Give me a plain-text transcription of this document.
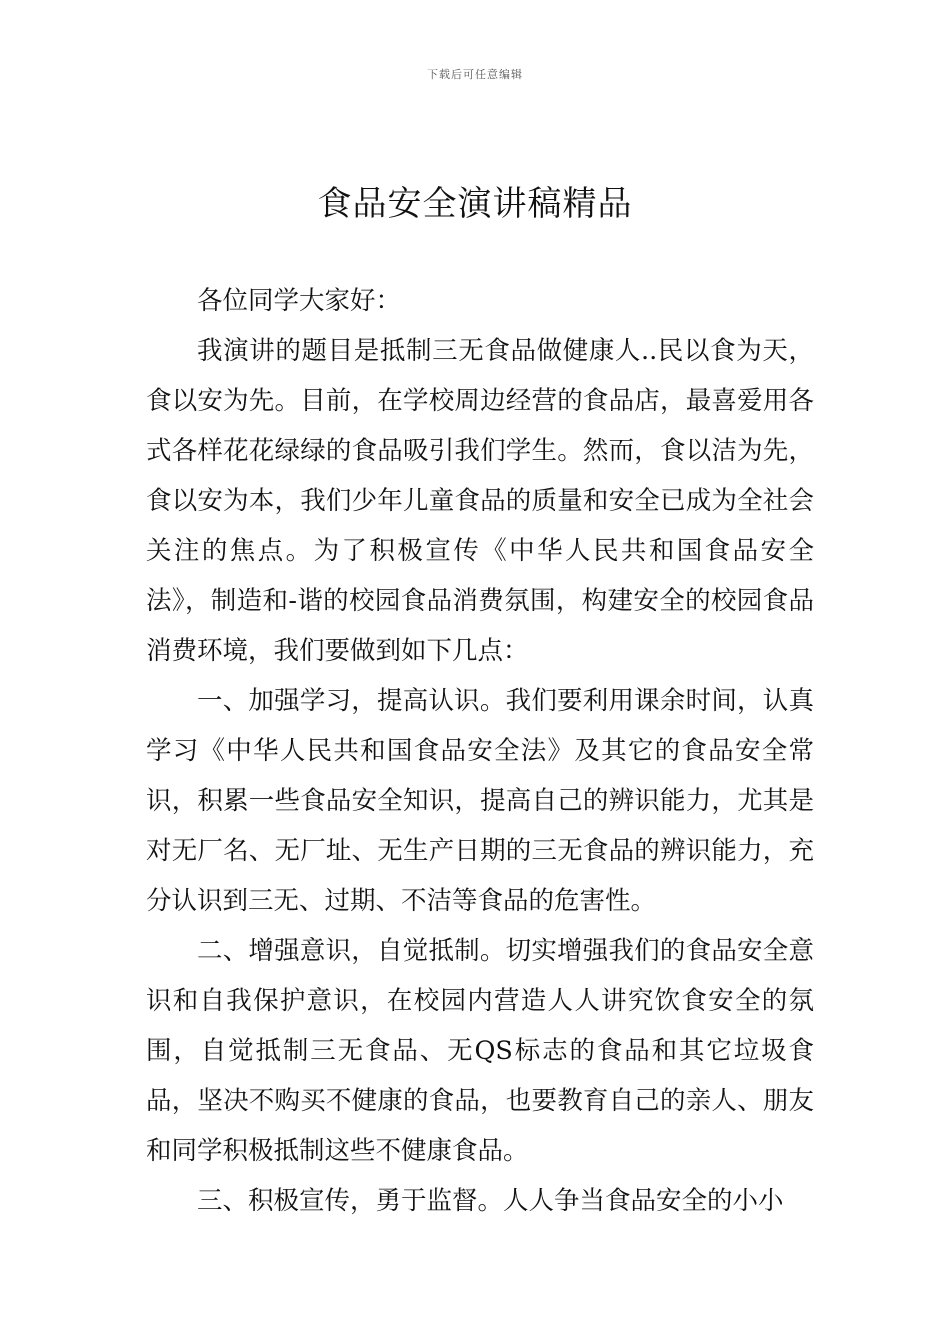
下载后可任意编辑
食品安全演讲稿精品

各位同学大家好：

我演讲的题目是抵制三无食品做健康人..民以食为天，食以安为先。目前，在学校周边经营的食品店，最喜爱用各式各样花花绿绿的食品吸引我们学生。然而，食以洁为先，食以安为本，我们少年儿童食品的质量和安全已成为全社会关注的焦点。为了积极宣传《中华人民共和国食品安全法》，制造和-谐的校园食品消费氛围，构建安全的校园食品消费环境，我们要做到如下几点：

一、加强学习，提高认识。我们要利用课余时间，认真学习《中华人民共和国食品安全法》及其它的食品安全常识，积累一些食品安全知识，提高自己的辨识能力，尤其是对无厂名、无厂址、无生产日期的三无食品的辨识能力，充分认识到三无、过期、不洁等食品的危害性。

二、增强意识，自觉抵制。切实增强我们的食品安全意识和自我保护意识，在校园内营造人人讲究饮食安全的氛围，自觉抵制三无食品、无QS标志的食品和其它垃圾食品，坚决不购买不健康的食品，也要教育自己的亲人、朋友和同学积极抵制这些不健康食品。

三、积极宣传，勇于监督。人人争当食品安全的小小
